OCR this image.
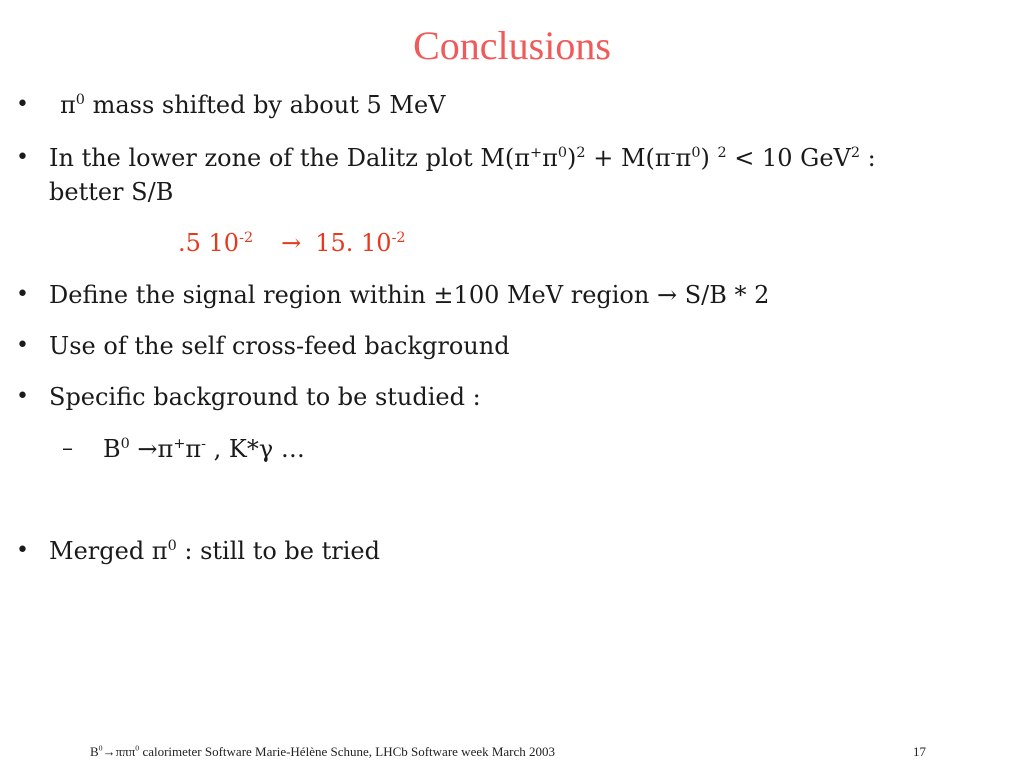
Conclusions
• $\pi^0$ mass shifted by about 5 MeV
• In the lower zone of the Dalitz plot $M(\pi^+\pi^0)^2 + M(\pi^-\pi^0) ^2 < 10$ GeV$^2$ :
better S/B
.5 $10^{-2} \to 15$. $10^{-2}$
• Define the signal region within ±100 MeV region → S/B * 2
• Use of the self cross-feed background
• Specific background to be studied :
– $B^0 \to\pi^+\pi^-$ , K*γ …
• Merged $\pi^0$ : still to be tried
$B^0\to\pi\pi\pi^0$ calorimeter Software Marie-Hélène Schune, LHCb Software week March 2003	17
